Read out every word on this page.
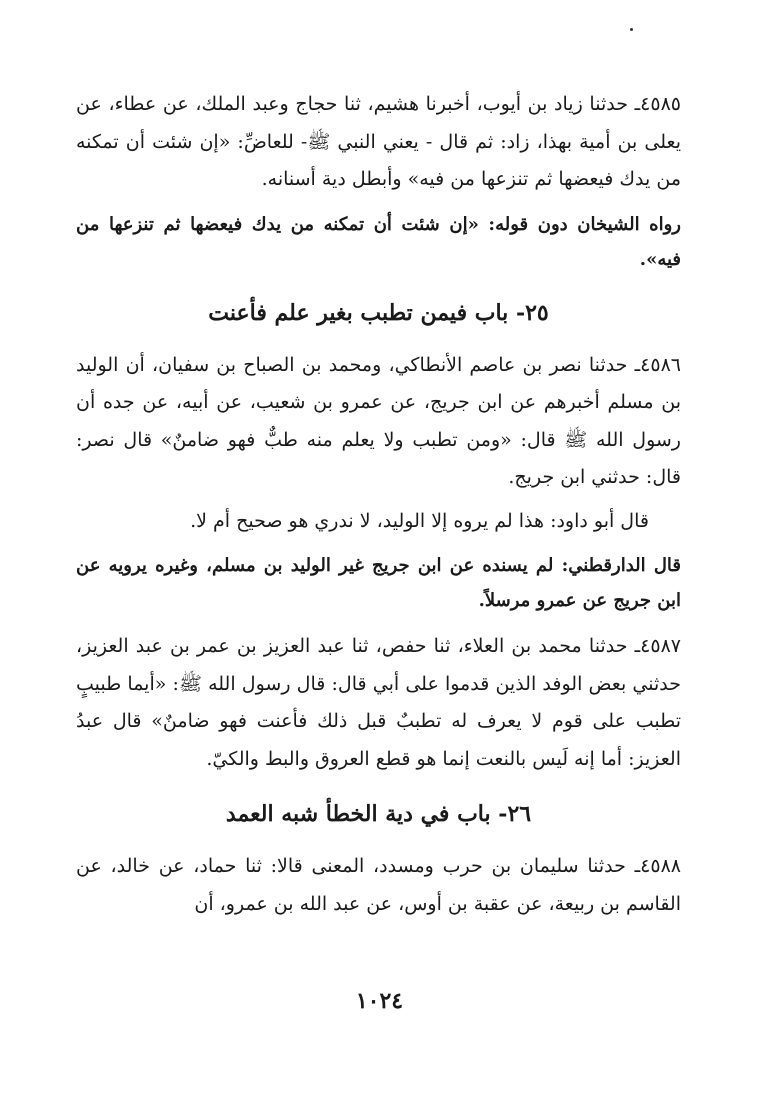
٤٥٨٥ـ حدثنا زياد بن أيوب، أخبرنا هشيم، ثنا حجاج وعبد الملك، عن عطاء، عن يعلى بن أمية بهذا، زاد: ثم قال - يعني النبي ﷺ- للعاضِّ: «إن شئت أن تمكنه من يدك فيعضها ثم تنزعها من فيه» وأبطل دية أسنانه.

رواه الشيخان دون قوله: «إن شئت أن تمكنه من يدك فيعضها ثم تنزعها من فيه».

٢٥- باب فيمن تطبب بغير علم فأعنت

٤٥٨٦ـ حدثنا نصر بن عاصم الأنطاكي، ومحمد بن الصباح بن سفيان، أن الوليد بن مسلم أخبرهم عن ابن جريج، عن عمرو بن شعيب، عن أبيه، عن جده أن رسول الله ﷺ قال: «ومن تطبب ولا يعلم منه طبٌّ فهو ضامنٌ» قال نصر: قال: حدثني ابن جريج.

قال أبو داود: هذا لم يروه إلا الوليد، لا ندري هو صحيح أم لا.

قال الدارقطني: لم يسنده عن ابن جريج غير الوليد بن مسلم، وغيره يرويه عن ابن جريج عن عمرو مرسلاً.

٤٥٨٧ـ حدثنا محمد بن العلاء، ثنا حفص، ثنا عبد العزيز بن عمر بن عبد العزيز، حدثني بعض الوفد الذين قدموا على أبي قال: قال رسول الله ﷺ: «أيما طبيبٍ تطبب على قوم لا يعرف له تطببٌ قبل ذلك فأعنت فهو ضامنٌ» قال عبدُ العزيز: أما إنه لَيس بالنعت إنما هو قطع العروق والبط والكيّ.

٢٦- باب في دية الخطأ شبه العمد

٤٥٨٨ـ حدثنا سليمان بن حرب ومسدد، المعنى قالا: ثنا حماد، عن خالد، عن القاسم بن ربيعة، عن عقبة بن أوس، عن عبد الله بن عمرو، أن

١٠٢٤
